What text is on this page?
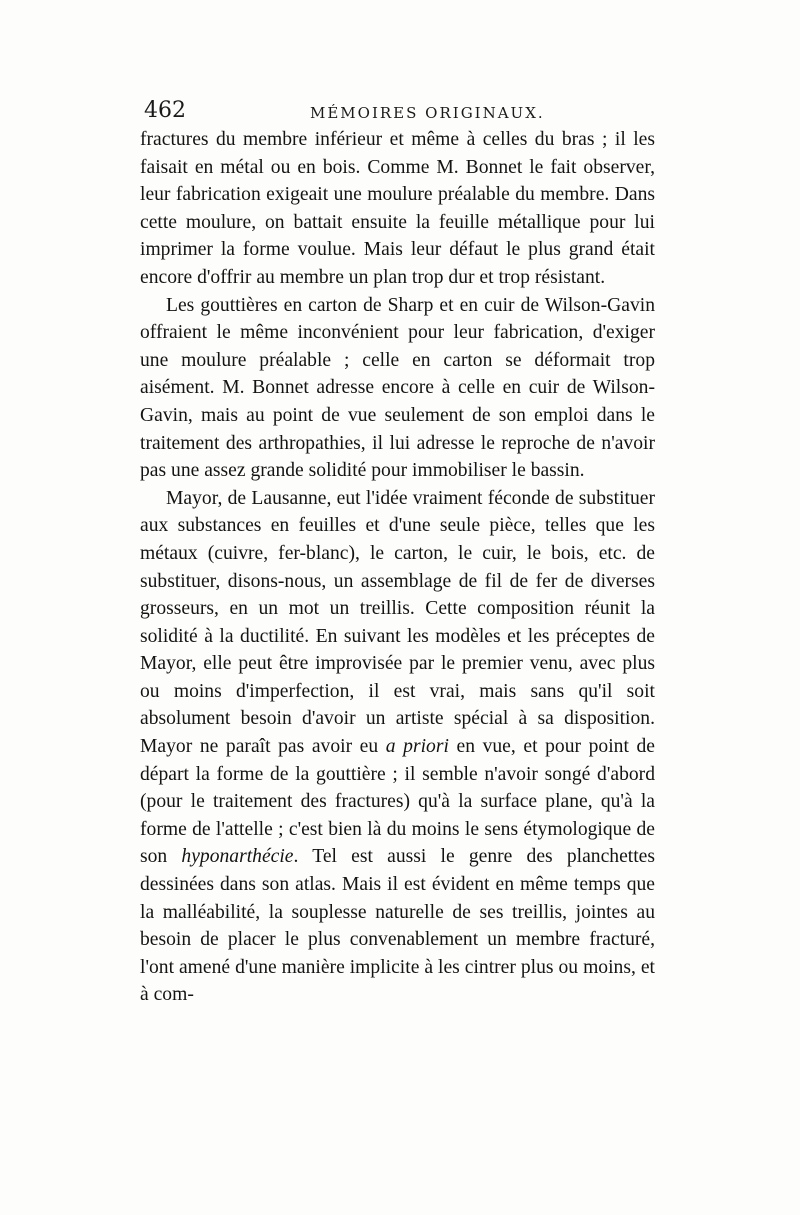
462	MÉMOIRES ORIGINAUX.

fractures du membre inférieur et même à celles du bras ; il les faisait en métal ou en bois. Comme M. Bonnet le fait observer, leur fabrication exigeait une moulure préalable du membre. Dans cette moulure, on battait ensuite la feuille métallique pour lui imprimer la forme voulue. Mais leur défaut le plus grand était encore d'offrir au membre un plan trop dur et trop résistant.

Les gouttières en carton de Sharp et en cuir de Wilson-Gavin offraient le même inconvénient pour leur fabrication, d'exiger une moulure préalable ; celle en carton se déformait trop aisément. M. Bonnet adresse encore à celle en cuir de Wilson-Gavin, mais au point de vue seulement de son emploi dans le traitement des arthropathies, il lui adresse le reproche de n'avoir pas une assez grande solidité pour immobiliser le bassin.

Mayor, de Lausanne, eut l'idée vraiment féconde de substituer aux substances en feuilles et d'une seule pièce, telles que les métaux (cuivre, fer-blanc), le carton, le cuir, le bois, etc. de substituer, disons-nous, un assemblage de fil de fer de diverses grosseurs, en un mot un treillis. Cette composition réunit la solidité à la ductilité. En suivant les modèles et les préceptes de Mayor, elle peut être improvisée par le premier venu, avec plus ou moins d'imperfection, il est vrai, mais sans qu'il soit absolument besoin d'avoir un artiste spécial à sa disposition. Mayor ne paraît pas avoir eu a priori en vue, et pour point de départ la forme de la gouttière ; il semble n'avoir songé d'abord (pour le traitement des fractures) qu'à la surface plane, qu'à la forme de l'attelle ; c'est bien là du moins le sens étymologique de son hyponarthécie. Tel est aussi le genre des planchettes dessinées dans son atlas. Mais il est évident en même temps que la malléabilité, la souplesse naturelle de ses treillis, jointes au besoin de placer le plus convenablement un membre fracturé, l'ont amené d'une manière implicite à les cintrer plus ou moins, et à com-
